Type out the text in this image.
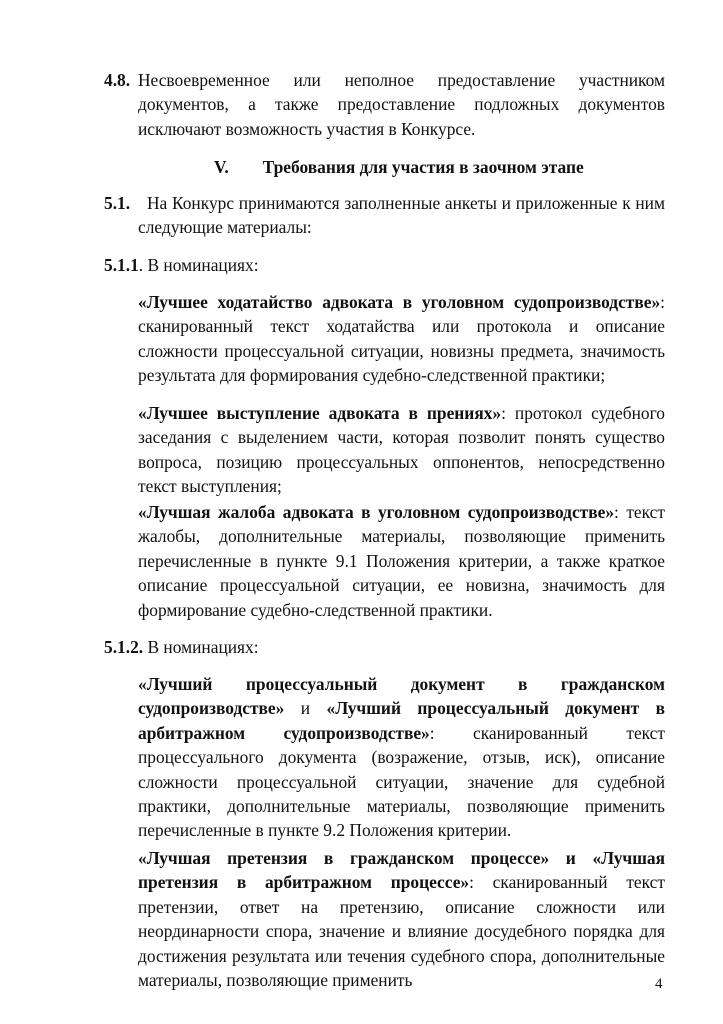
4.8. Несвоевременное или неполное предоставление участником документов, а также предоставление подложных документов исключают возможность участия в Конкурсе.
V. Требования для участия в заочном этапе
5.1. На Конкурс принимаются заполненные анкеты и приложенные к ним следующие материалы:
5.1.1. В номинациях:
«Лучшее ходатайство адвоката в уголовном судопроизводстве»: сканированный текст ходатайства или протокола и описание сложности процессуальной ситуации, новизны предмета, значимость результата для формирования судебно-следственной практики;
«Лучшее выступление адвоката в прениях»: протокол судебного заседания с выделением части, которая позволит понять существо вопроса, позицию процессуальных оппонентов, непосредственно текст выступления;
«Лучшая жалоба адвоката в уголовном судопроизводстве»: текст жалобы, дополнительные материалы, позволяющие применить перечисленные в пункте 9.1 Положения критерии, а также краткое описание процессуальной ситуации, ее новизна, значимость для формирование судебно-следственной практики.
5.1.2. В номинациях:
«Лучший процессуальный документ в гражданском судопроизводстве» и «Лучший процессуальный документ в арбитражном судопроизводстве»: сканированный текст процессуального документа (возражение, отзыв, иск), описание сложности процессуальной ситуации, значение для судебной практики, дополнительные материалы, позволяющие применить перечисленные в пункте 9.2 Положения критерии.
«Лучшая претензия в гражданском процессе» и «Лучшая претензия в арбитражном процессе»: сканированный текст претензии, ответ на претензию, описание сложности или неординарности спора, значение и влияние досудебного порядка для достижения результата или течения судебного спора, дополнительные материалы, позволяющие применить	4
